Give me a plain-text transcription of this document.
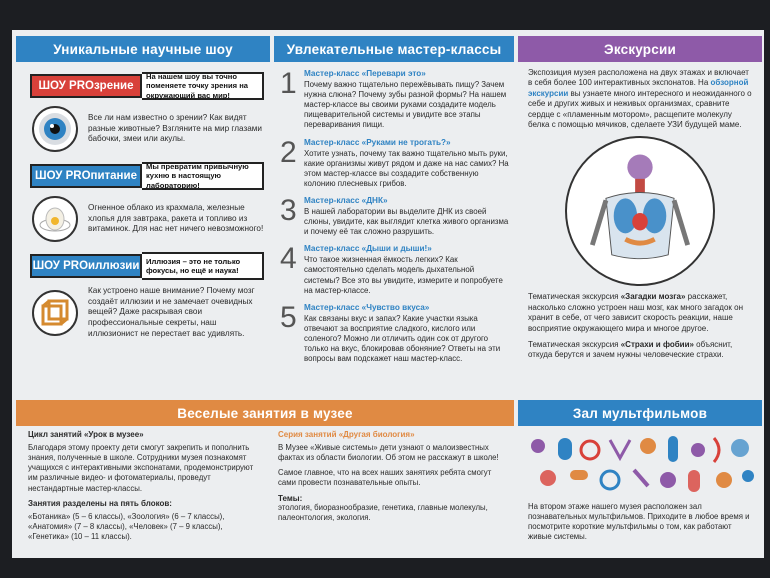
Уникальные научные шоу
ШОУ
PROзрение
На нашем шоу вы точно поменяете точку зрения на окружающий вас мир!

Все ли нам известно о зрении? Как видят разные животные? Взгляните на мир глазами бабочки, змеи или акулы.

ШОУ
PROпитание
Мы превратим привычную кухню в настоящую лабораторию!

Огненное облако из крахмала, железные хлопья для завтрака, ракета и топливо из витаминок. Для нас нет ничего невозможного!

ШОУ
PROиллюзии Иллюзия – это не только фокусы, но ещё и наука!

Как устроено наше внимание? Почему мозг создаёт иллюзии и не замечает очевидных вещей? Даже раскрывая свои профессиональные секреты, наш иллюзионист не перестает вас удивлять.

Увлекательные мастер-классы
1 Мастер-класс «Перевари это»
Почему важно тщательно пережёвывать пищу? Зачем нужна слюна? Почему зубы разной формы? На нашем мастер-классе вы своими руками создадите модель пищеварительной системы и увидите все этапы переваривания пищи.
2 Мастер-класс «Руками не трогать?»
Хотите узнать, почему так важно тщательно мыть руки, какие организмы живут рядом и даже на нас самих? На этом мастер-классе вы создадите собственную колонию плесневых грибов.
3 Мастер-класс «ДНК»
В нашей лаборатории вы выделите ДНК из своей слюны, увидите, как выглядит клетка живого организма и почему её так сложно разрушить.
4 Мастер-класс «Дыши и дыши!»
Что такое жизненная ёмкость легких? Как самостоятельно сделать модель дыхательной системы? Все это вы увидите, измерите и попробуете на мастер-классе.
5 Мастер-класс «Чувство вкуса»
Как связаны вкус и запах? Какие участки языка отвечают за восприятие сладкого, кислого или соленого? Можно ли отличить один сок от другого только на вкус, блокировав обоняние? Ответы на эти вопросы вам подскажет наш мастер-класс.
Экскурсии

Экспозиция музея расположена на двух этажах и включает в себя более 100 интерактивных экспонатов. На обзорной экскурсии вы узнаете много интересного и неожиданного о себе и других живых и неживых организмах, сравните сердце с «пламенным мотором», расщепите молекулу белка с помощью мячиков, сделаете УЗИ будущей маме.

Тематическая экскурсия «Загадки мозга» расскажет, насколько сложно устроен наш мозг, как много загадок он хранит в себе, от чего зависит скорость реакции, наше восприятие окружающего мира и многое другое.

Тематическая экскурсия «Страхи и фобии» объяснит, откуда берутся и зачем нужны человеческие страхи.

Веселые занятия в музее
Цикл занятий «Урок в музее»
Благодаря этому проекту дети смогут закрепить и пополнить знания, полученные в школе. Сотрудники музея познакомят учащихся с интерактивными экспонатами, продемонстрируют им различные видео- и фотоматериалы, проведут нестандартные мастер-классы.
Занятия разделены на пять блоков:
«Ботаника» (5 – 6 классы), «Зоология» (6 – 7 классы), «Анатомия» (7 – 8 классы), «Человек» (7 – 9 классы), «Генетика» (10 – 11 классы).
Серия занятий «Другая биология»
В Музее «Живые системы» дети узнают о малоизвестных фактах из области биологии. Об этом не расскажут в школе!
Самое главное, что на всех наших занятиях ребята смогут сами провести познавательные опыты.
Темы:
этология, биоразнообразие, генетика, главные молекулы, палеонтология, экология.
Зал мультфильмов
На втором этаже нашего музея расположен зал познавательных мультфильмов. Приходите в любое время и посмотрите короткие мультфильмы о том, как работают живые системы.
